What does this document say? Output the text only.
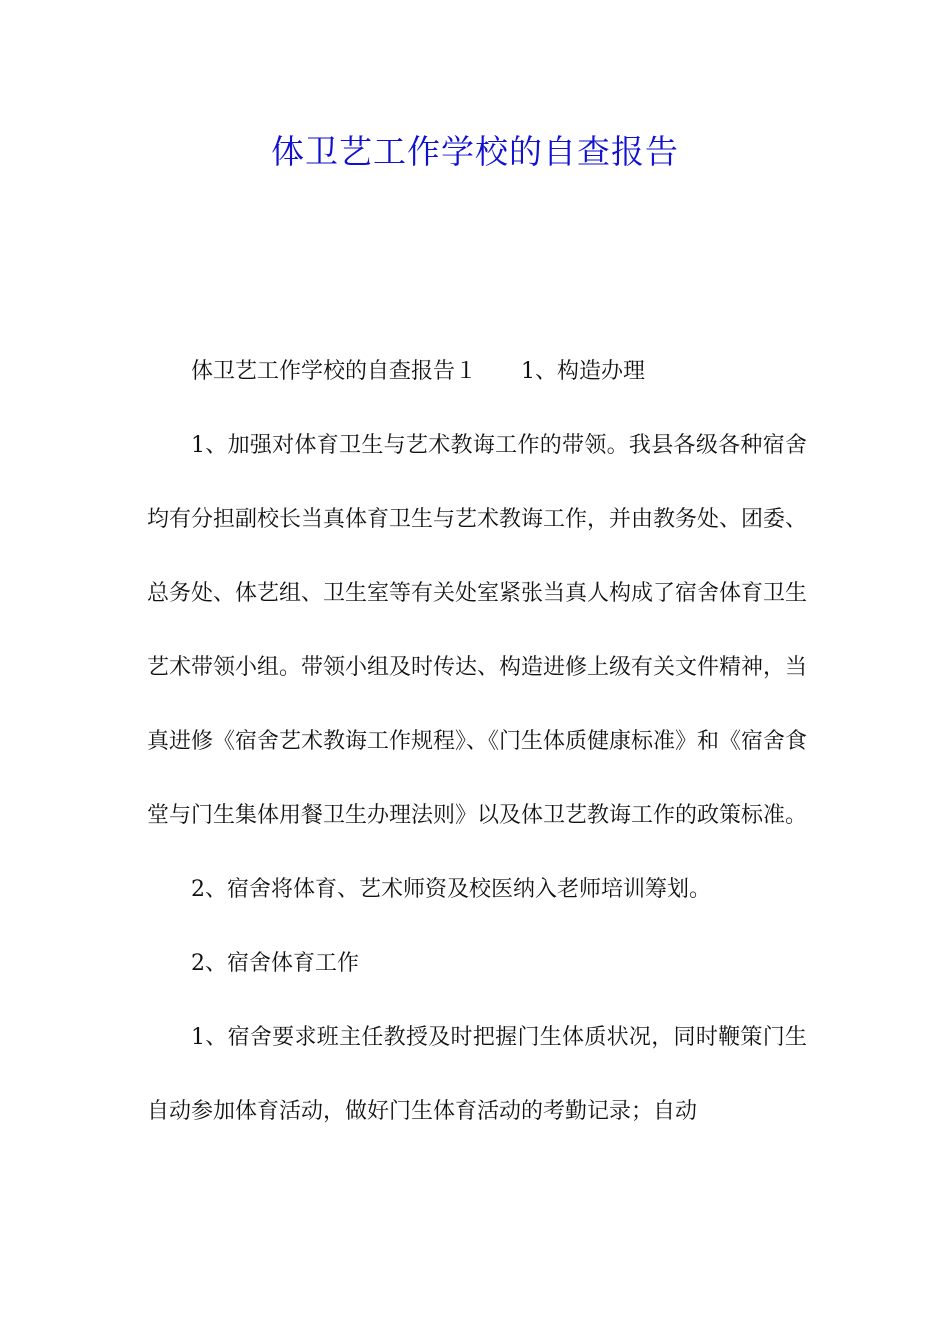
体卫艺工作学校的自查报告

体卫艺工作学校的自查报告１ 1、构造办理

1、加强对体育卫生与艺术教诲工作的带领。我县各级各种宿舍均有分担副校长当真体育卫生与艺术教诲工作，并由教务处、团委、总务处、体艺组、卫生室等有关处室紧张当真人构成了宿舍体育卫生艺术带领小组。带领小组及时传达、构造进修上级有关文件精神，当真进修《宿舍艺术教诲工作规程》、《门生体质健康标准》和《宿舍食堂与门生集体用餐卫生办理法则》以及体卫艺教诲工作的政策标准。

2、宿舍将体育、艺术师资及校医纳入老师培训筹划。

2、宿舍体育工作

1、宿舍要求班主任教授及时把握门生体质状况，同时鞭策门生自动参加体育活动，做好门生体育活动的考勤记录；自动
